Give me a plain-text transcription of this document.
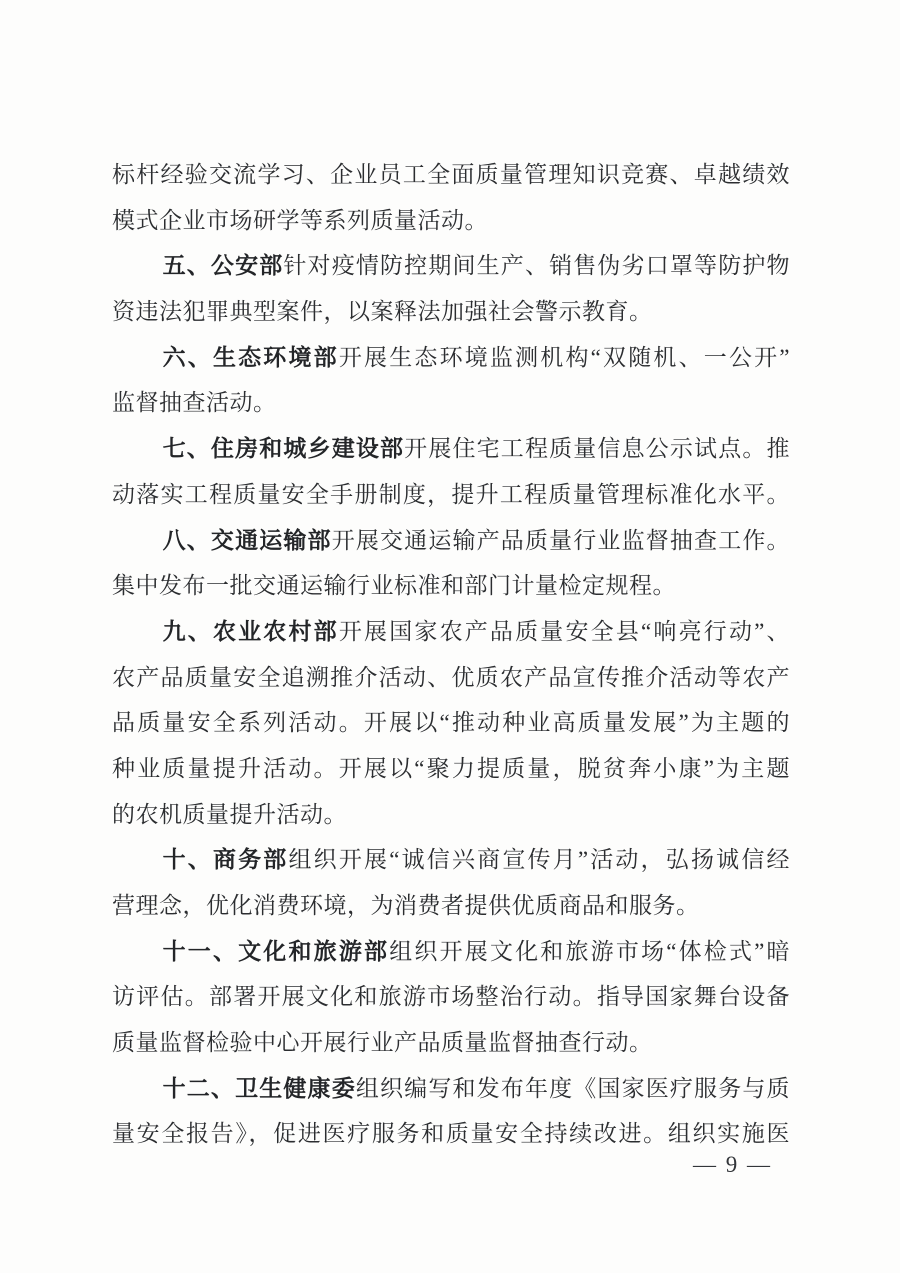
标杆经验交流学习、企业员工全面质量管理知识竞赛、卓越绩效
模式企业市场研学等系列质量活动。
五、公安部针对疫情防控期间生产、销售伪劣口罩等防护物
资违法犯罪典型案件，以案释法加强社会警示教育。
六、生态环境部开展生态环境监测机构“双随机、一公开”
监督抽查活动。
七、住房和城乡建设部开展住宅工程质量信息公示试点。推
动落实工程质量安全手册制度，提升工程质量管理标准化水平。
八、交通运输部开展交通运输产品质量行业监督抽查工作。
集中发布一批交通运输行业标准和部门计量检定规程。
九、农业农村部开展国家农产品质量安全县“响亮行动”、
农产品质量安全追溯推介活动、优质农产品宣传推介活动等农产
品质量安全系列活动。开展以“推动种业高质量发展”为主题的
种业质量提升活动。开展以“聚力提质量，脱贫奔小康”为主题
的农机质量提升活动。
十、商务部组织开展“诚信兴商宣传月”活动，弘扬诚信经
营理念，优化消费环境，为消费者提供优质商品和服务。
十一、文化和旅游部组织开展文化和旅游市场“体检式”暗
访评估。部署开展文化和旅游市场整治行动。指导国家舞台设备
质量监督检验中心开展行业产品质量监督抽查行动。
十二、卫生健康委组织编写和发布年度《国家医疗服务与质
量安全报告》，促进医疗服务和质量安全持续改进。组织实施医
— 9 —
